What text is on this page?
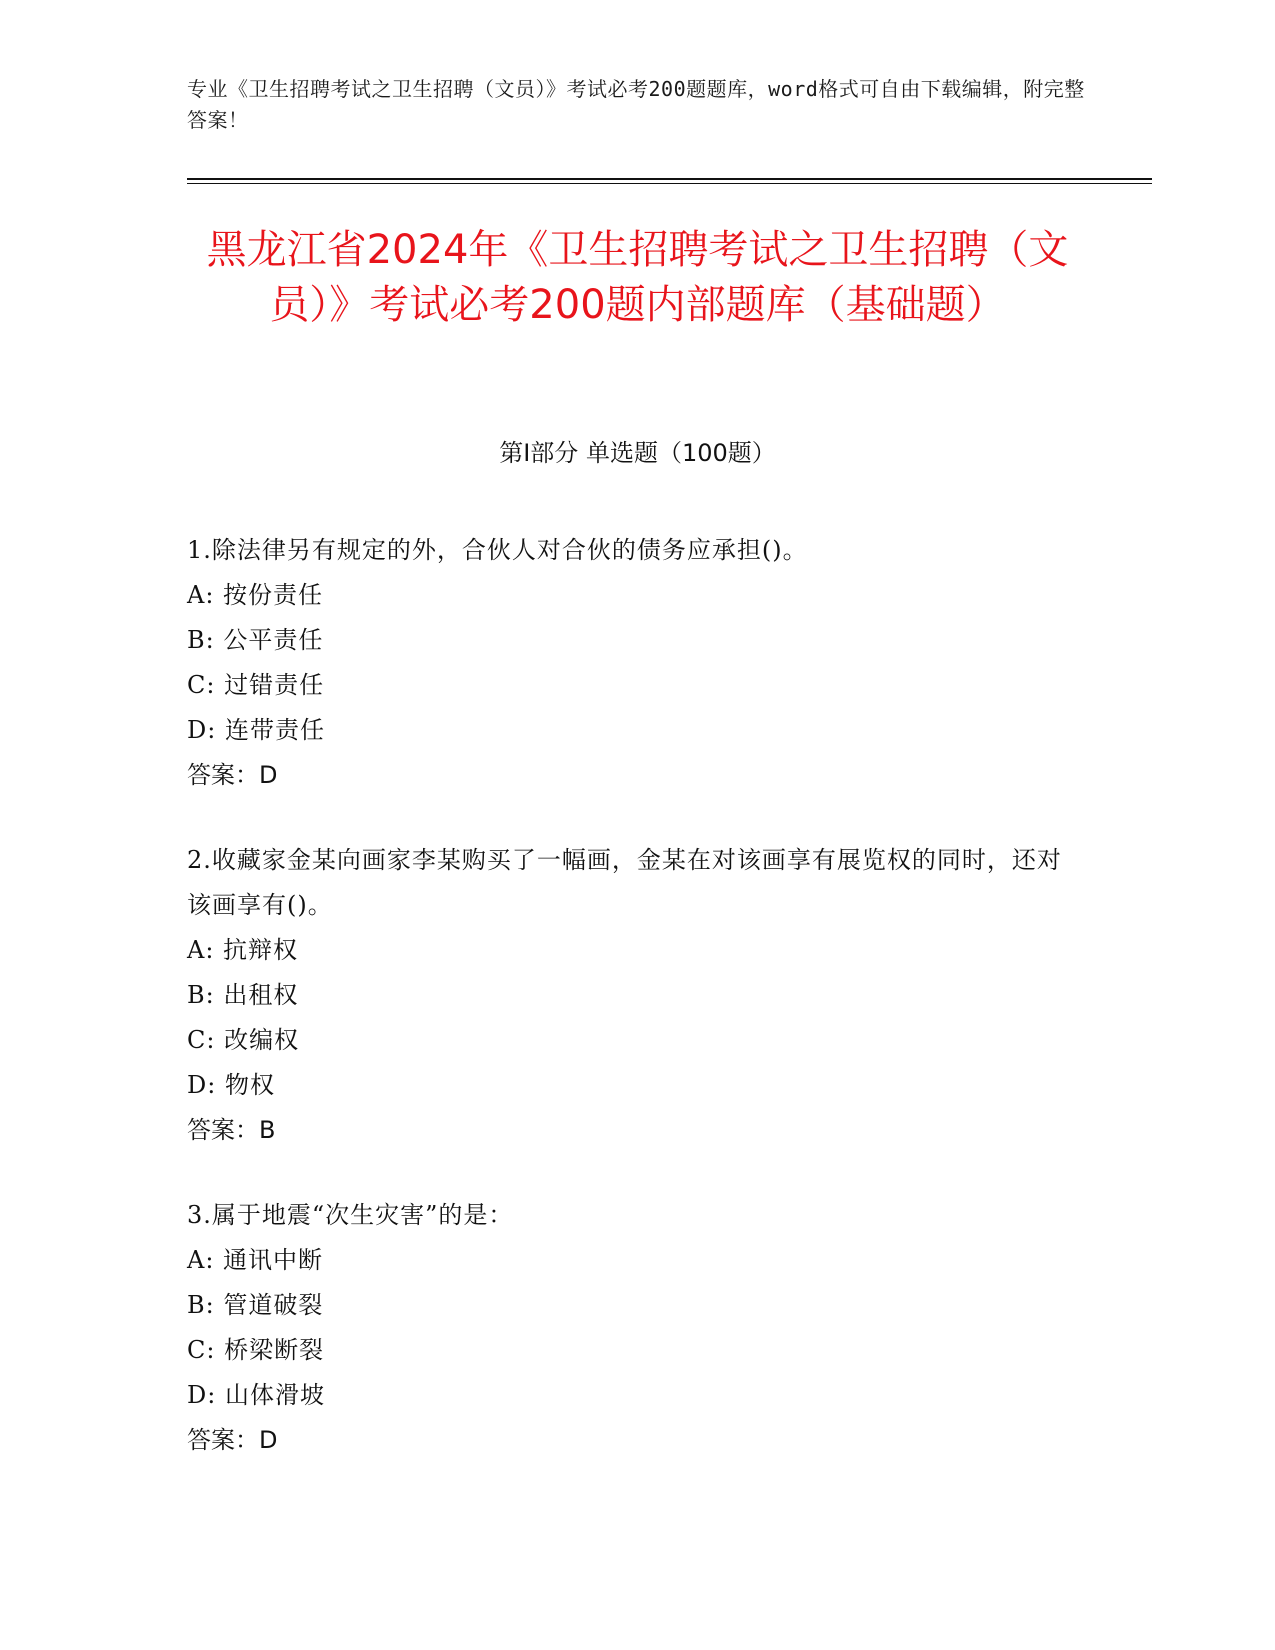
专业《卫生招聘考试之卫生招聘（文员）》考试必考200题题库，word格式可自由下载编辑，附完整答案！
黑龙江省2024年《卫生招聘考试之卫生招聘（文员）》考试必考200题内部题库（基础题）
第I部分 单选题（100题）

1.除法律另有规定的外，合伙人对合伙的债务应承担()。

A: 按份责任
B: 公平责任
C: 过错责任
D: 连带责任
答案：D

2.收藏家金某向画家李某购买了一幅画，金某在对该画享有展览权的同时，还对该画享有()。

A: 抗辩权
B: 出租权
C: 改编权
D: 物权
答案：B

3.属于地震“次生灾害”的是：

A: 通讯中断
B: 管道破裂
C: 桥梁断裂
D: 山体滑坡
答案：D
